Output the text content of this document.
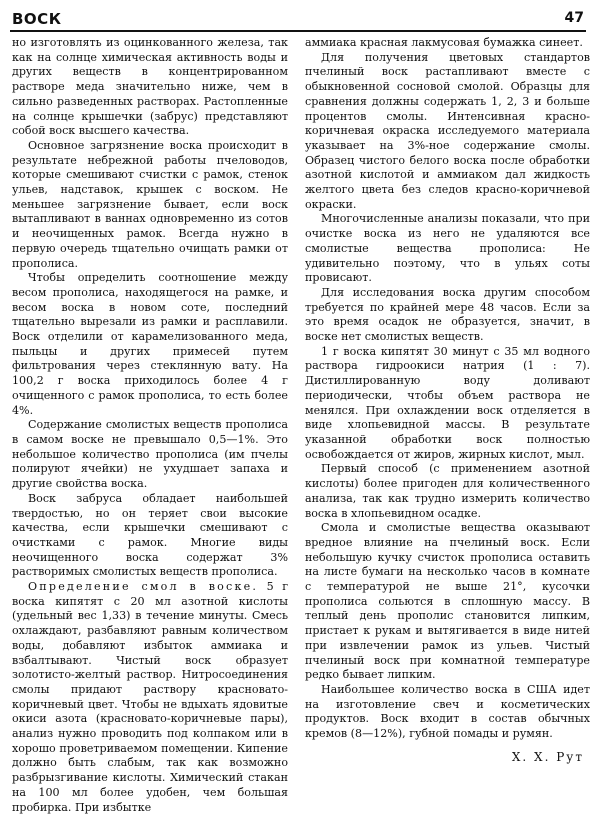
ВОСК	47

но изготовлять из оцинкованного железа, так как на солнце химическая активность воды и других веществ в концентрированном растворе меда значительно ниже, чем в сильно разведенных растворах. Растопленные на солнце крышечки (забрус) представляют собой воск высшего качества.

Основное загрязнение воска происходит в результате небрежной работы пчеловодов, которые смешивают счистки с рамок, стенок ульев, надставок, крышек с воском. Не меньшее загрязнение бывает, если воск вытапливают в ваннах одновременно из сотов и неочищенных рамок. Всегда нужно в первую очередь тщательно очищать рамки от прополиса.

Чтобы определить соотношение между весом прополиса, находящегося на рамке, и весом воска в новом соте, последний тщательно вырезали из рамки и расплавили. Воск отделили от карамелизованного меда, пыльцы и других примесей путем фильтрования через стеклянную вату. На 100,2 г воска приходилось более 4 г очищенного с рамок прополиса, то есть более 4%.

Содержание смолистых веществ прополиса в самом воске не превышало 0,5—1%. Это небольшое количество прополиса (им пчелы полируют ячейки) не ухудшает запаха и другие свойства воска.

Воск забруса обладает наибольшей твердостью, но он теряет свои высокие качества, если крышечки смешивают с очистками с рамок. Многие виды неочищенного воска содержат 3% растворимых смолистых веществ прополиса.

Определение смол в воске. 5 г воска кипятят с 20 мл азотной кислоты (удельный вес 1,33) в течение минуты. Смесь охлаждают, разбавляют равным количеством воды, добавляют избыток аммиака и взбалтывают. Чистый воск образует золотисто-желтый раствор. Нитросоединения смолы придают раствору красновато-коричневый цвет. Чтобы не вдыхать ядовитые окиси азота (красновато-коричневые пары), анализ нужно проводить под колпаком или в хорошо проветриваемом помещении. Кипение должно быть слабым, так как возможно разбрызгивание кислоты. Химический стакан на 100 мл более удобен, чем большая пробирка. При избытке

аммиака красная лакмусовая бумажка синеет.

Для получения цветовых стандартов пчелиный воск растапливают вместе с обыкновенной сосновой смолой. Образцы для сравнения должны содержать 1, 2, 3 и больше процентов смолы. Интенсивная красно-коричневая окраска исследуемого материала указывает на 3%-ное содержание смолы. Образец чистого белого воска после обработки азотной кислотой и аммиаком дал жидкость желтого цвета без следов красно-коричневой окраски.

Многочисленные анализы показали, что при очистке воска из него не удаляются все смолистые вещества прополиса: Не удивительно поэтому, что в ульях соты провисают.

Для исследования воска другим способом требуется по крайней мере 48 часов. Если за это время осадок не образуется, значит, в воске нет смолистых веществ.

1 г воска кипятят 30 минут с 35 мл водного раствора гидроокиси натрия (1 : 7). Дистиллированную воду доливают периодически, чтобы объем раствора не менялся. При охлаждении воск отделяется в виде хлопьевидной массы. В результате указанной обработки воск полностью освобождается от жиров, жирных кислот, мыл.

Первый способ (с применением азотной кислоты) более пригоден для количественного анализа, так как трудно измерить количество воска в хлопьевидном осадке.

Смола и смолистые вещества оказывают вредное влияние на пчелиный воск. Если небольшую кучку счисток прополиса оставить на листе бумаги на несколько часов в комнате с температурой не выше 21°, кусочки прополиса сольются в сплошную массу. В теплый день прополис становится липким, пристает к рукам и вытягивается в виде нитей при извлечении рамок из ульев. Чистый пчелиный воск при комнатной температуре редко бывает липким.

Наибольшее количество воска в США идет на изготовление свеч и косметических продуктов. Воск входит в состав обычных кремов (8—12%), губной помады и румян.

Х. Х. Рут
